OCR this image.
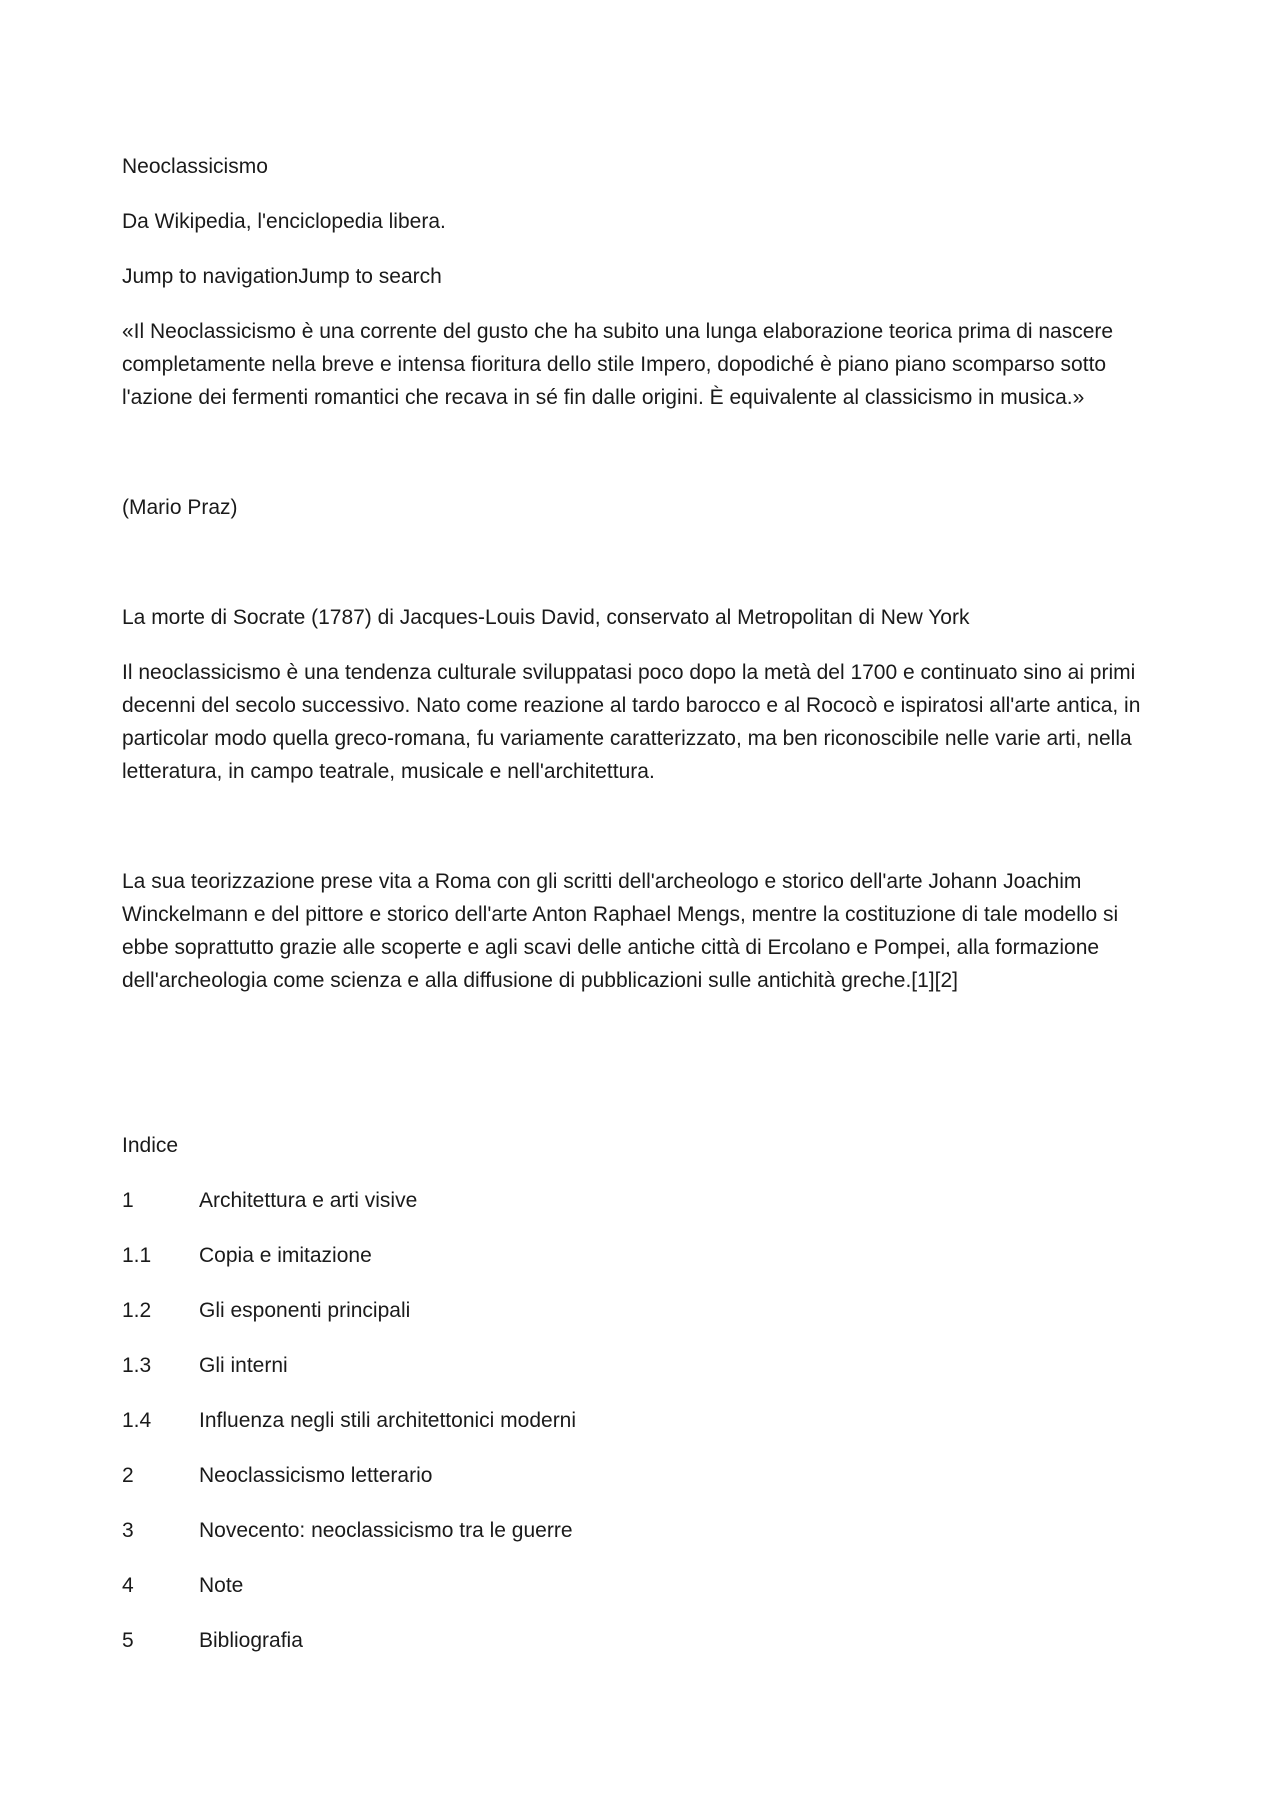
Neoclassicismo

Da Wikipedia, l'enciclopedia libera.

Jump to navigationJump to search

«Il Neoclassicismo è una corrente del gusto che ha subito una lunga elaborazione teorica prima di nascere completamente nella breve e intensa fioritura dello stile Impero, dopodiché è piano piano scomparso sotto l'azione dei fermenti romantici che recava in sé fin dalle origini. È equivalente al classicismo in musica.»

(Mario Praz)

La morte di Socrate (1787) di Jacques-Louis David, conservato al Metropolitan di New York

Il neoclassicismo è una tendenza culturale sviluppatasi poco dopo la metà del 1700 e continuato sino ai primi decenni del secolo successivo. Nato come reazione al tardo barocco e al Rococò e ispiratosi all'arte antica, in particolar modo quella greco-romana, fu variamente caratterizzato, ma ben riconoscibile nelle varie arti, nella letteratura, in campo teatrale, musicale e nell'architettura.

La sua teorizzazione prese vita a Roma con gli scritti dell'archeologo e storico dell'arte Johann Joachim Winckelmann e del pittore e storico dell'arte Anton Raphael Mengs, mentre la costituzione di tale modello si ebbe soprattutto grazie alle scoperte e agli scavi delle antiche città di Ercolano e Pompei, alla formazione dell'archeologia come scienza e alla diffusione di pubblicazioni sulle antichità greche.[1][2]

Indice

1	Architettura e arti visive
1.1	Copia e imitazione
1.2	Gli esponenti principali
1.3	Gli interni
1.4	Influenza negli stili architettonici moderni
2	Neoclassicismo letterario
3	Novecento: neoclassicismo tra le guerre
4	Note
5	Bibliografia
